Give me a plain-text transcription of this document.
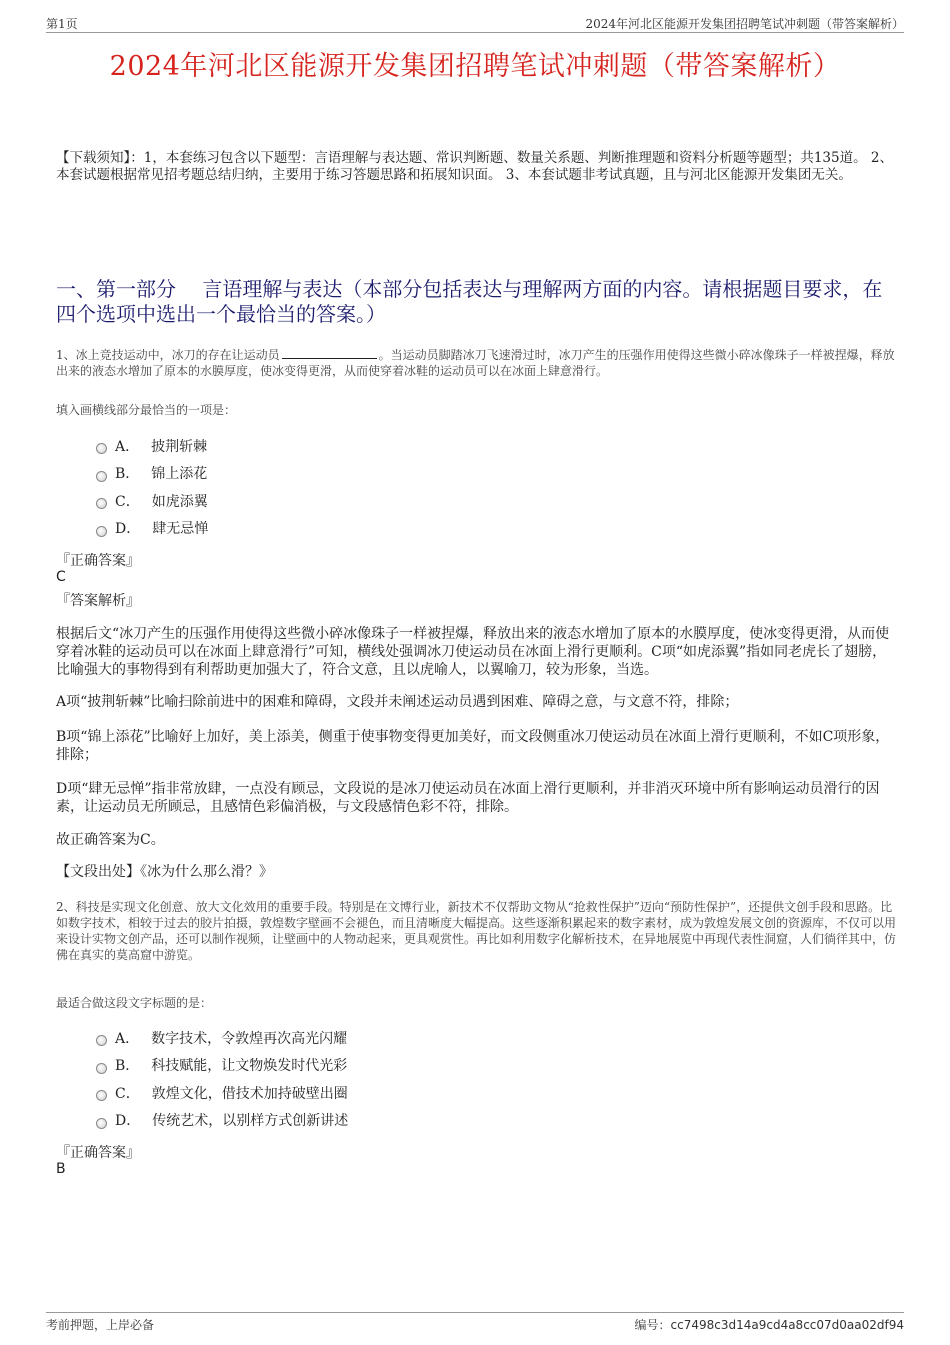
第1页	2024年河北区能源开发集团招聘笔试冲刺题（带答案解析）
2024年河北区能源开发集团招聘笔试冲刺题（带答案解析）
【下载须知】：1，本套练习包含以下题型：言语理解与表达题、常识判断题、数量关系题、判断推理题和资料分析题等题型；共135道。 2、本套试题根据常见招考题总结归纳，主要用于练习答题思路和拓展知识面。 3、本套试题非考试真题，且与河北区能源开发集团无关。
一、第一部分　 言语理解与表达（本部分包括表达与理解两方面的内容。请根据题目要求，在四个选项中选出一个最恰当的答案。）
1、冰上竞技运动中，冰刀的存在让运动员	。当运动员脚踏冰刀飞速滑过时，冰刀产生的压强作用使得这些微小碎冰像珠子一样被捏爆，释放出来的液态水增加了原本的水膜厚度，使冰变得更滑，从而使穿着冰鞋的运动员可以在冰面上肆意滑行。
填入画横线部分最恰当的一项是：
A． 披荆斩棘
B． 锦上添花
C． 如虎添翼
D． 肆无忌惮
『正确答案』
C
『答案解析』
根据后文“冰刀产生的压强作用使得这些微小碎冰像珠子一样被捏爆，释放出来的液态水增加了原本的水膜厚度，使冰变得更滑，从而使穿着冰鞋的运动员可以在冰面上肆意滑行”可知，横线处强调冰刀使运动员在冰面上滑行更顺利。C项“如虎添翼”指如同老虎长了翅膀，比喻强大的事物得到有利帮助更加强大了，符合文意，且以虎喻人，以翼喻刀，较为形象，当选。
A项“披荆斩棘”比喻扫除前进中的困难和障碍，文段并未阐述运动员遇到困难、障碍之意，与文意不符，排除；
B项“锦上添花”比喻好上加好，美上添美，侧重于使事物变得更加美好，而文段侧重冰刀使运动员在冰面上滑行更顺利，不如C项形象，排除；
D项“肆无忌惮”指非常放肆，一点没有顾忌，文段说的是冰刀使运动员在冰面上滑行更顺利，并非消灭环境中所有影响运动员滑行的因素，让运动员无所顾忌，且感情色彩偏消极，与文段感情色彩不符，排除。
故正确答案为C。
【文段出处】《冰为什么那么滑？》
2、科技是实现文化创意、放大文化效用的重要手段。特别是在文博行业，新技术不仅帮助文物从“抢救性保护”迈向“预防性保护”，还提供文创手段和思路。比如数字技术，相较于过去的胶片拍摄，敦煌数字壁画不会褪色，而且清晰度大幅提高。这些逐渐积累起来的数字素材，成为敦煌发展文创的资源库，不仅可以用来设计实物文创产品，还可以制作视频，让壁画中的人物动起来，更具观赏性。再比如利用数字化解析技术，在异地展览中再现代表性洞窟，人们徜徉其中，仿佛在真实的莫高窟中游览。
最适合做这段文字标题的是：
A． 数字技术，令敦煌再次高光闪耀
B． 科技赋能，让文物焕发时代光彩
C． 敦煌文化，借技术加持破壁出圈
D． 传统艺术，以别样方式创新讲述
『正确答案』
B
考前押题，上岸必备	编号：cc7498c3d14a9cd4a8cc07d0aa02df94
